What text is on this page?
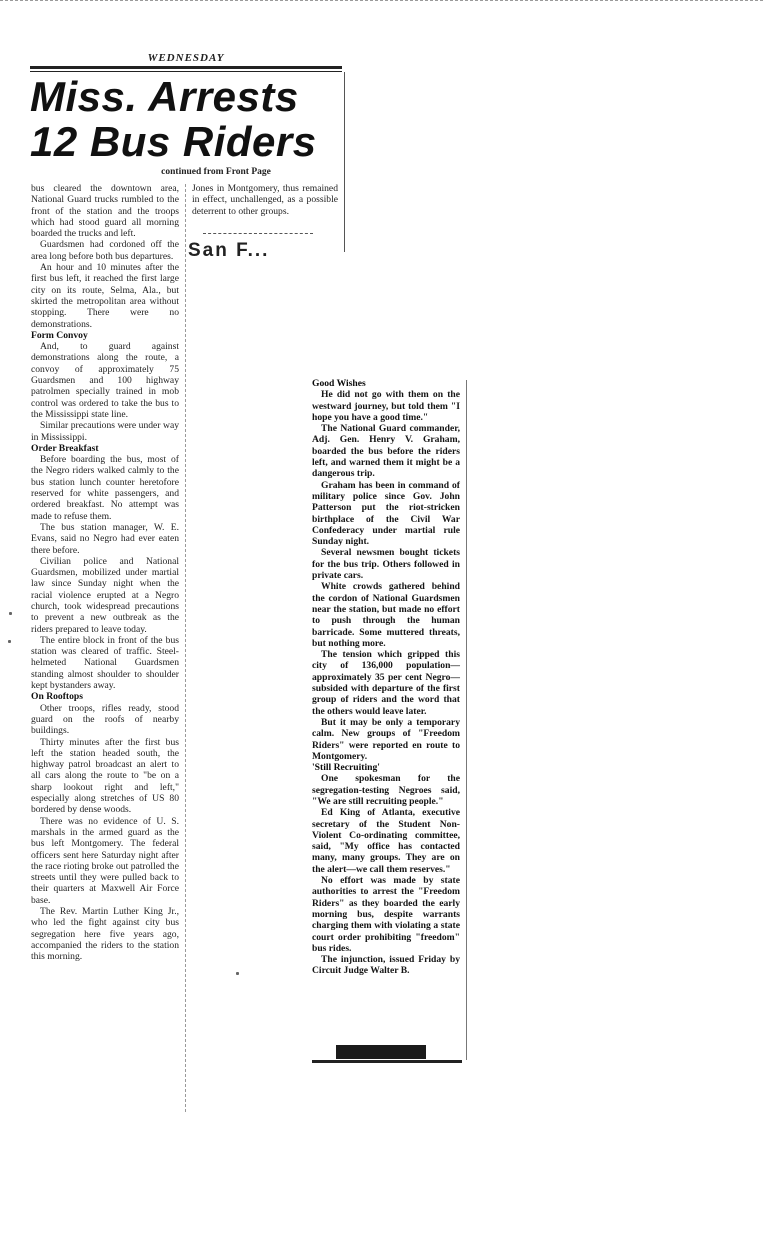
WEDNESDAY
Miss. Arrests
12 Bus Riders
continued from Front Page

bus cleared the downtown area, National Guard trucks rumbled to the front of the station and the troops which had stood guard all morning boarded the trucks and left.

Guardsmen had cordoned off the area long before both bus departures.

An hour and 10 minutes after the first bus left, it reached the first large city on its route, Selma, Ala., but skirted the metropolitan area without stopping. There were no demonstrations.

Form Convoy

And, to guard against demonstrations along the route, a convoy of approximately 75 Guardsmen and 100 highway patrolmen specially trained in mob control was ordered to take the bus to the Mississippi state line.

Similar precautions were under way in Mississippi.

Order Breakfast

Before boarding the bus, most of the Negro riders walked calmly to the bus station lunch counter heretofore reserved for white passengers, and ordered breakfast. No attempt was made to refuse them.

The bus station manager, W. E. Evans, said no Negro had ever eaten there before.

Civilian police and National Guardsmen, mobilized under martial law since Sunday night when the racial violence erupted at a Negro church, took widespread precautions to prevent a new outbreak as the riders prepared to leave today.

The entire block in front of the bus station was cleared of traffic. Steel-helmeted National Guardsmen standing almost shoulder to shoulder kept bystanders away.

On Rooftops

Other troops, rifles ready, stood guard on the roofs of nearby buildings.

Thirty minutes after the first bus left the station headed south, the highway patrol broadcast an alert to all cars along the route to "be on a sharp lookout right and left," especially along stretches of US 80 bordered by dense woods.

There was no evidence of U. S. marshals in the armed guard as the bus left Montgomery. The federal officers sent here Saturday night after the race rioting broke out patrolled the streets until they were pulled back to their quarters at Maxwell Air Force base.

The Rev. Martin Luther King Jr., who led the fight against city bus segregation here five years ago, accompanied the riders to the station this morning.

Jones in Montgomery, thus remained in effect, unchallenged, as a possible deterrent to other groups.

San F...
Good Wishes

He did not go with them on the westward journey, but told them "I hope you have a good time."

The National Guard commander, Adj. Gen. Henry V. Graham, boarded the bus before the riders left, and warned them it might be a dangerous trip.

Graham has been in command of military police since Gov. John Patterson put the riot-stricken birthplace of the Civil War Confederacy under martial rule Sunday night.

Several newsmen bought tickets for the bus trip. Others followed in private cars.

White crowds gathered behind the cordon of National Guardsmen near the station, but made no effort to push through the human barricade. Some muttered threats, but nothing more.

The tension which gripped this city of 136,000 population—approximately 35 per cent Negro—subsided with departure of the first group of riders and the word that the others would leave later.

But it may be only a temporary calm. New groups of "Freedom Riders" were reported en route to Montgomery.

'Still Recruiting'

One spokesman for the segregation-testing Negroes said, "We are still recruiting people."

Ed King of Atlanta, executive secretary of the Student Non-Violent Co-ordinating committee, said, "My office has contacted many, many groups. They are on the alert—we call them reserves."

No effort was made by state authorities to arrest the "Freedom Riders" as they boarded the early morning bus, despite warrants charging them with violating a state court order prohibiting "freedom" bus rides.

The injunction, issued Friday by Circuit Judge Walter B.
